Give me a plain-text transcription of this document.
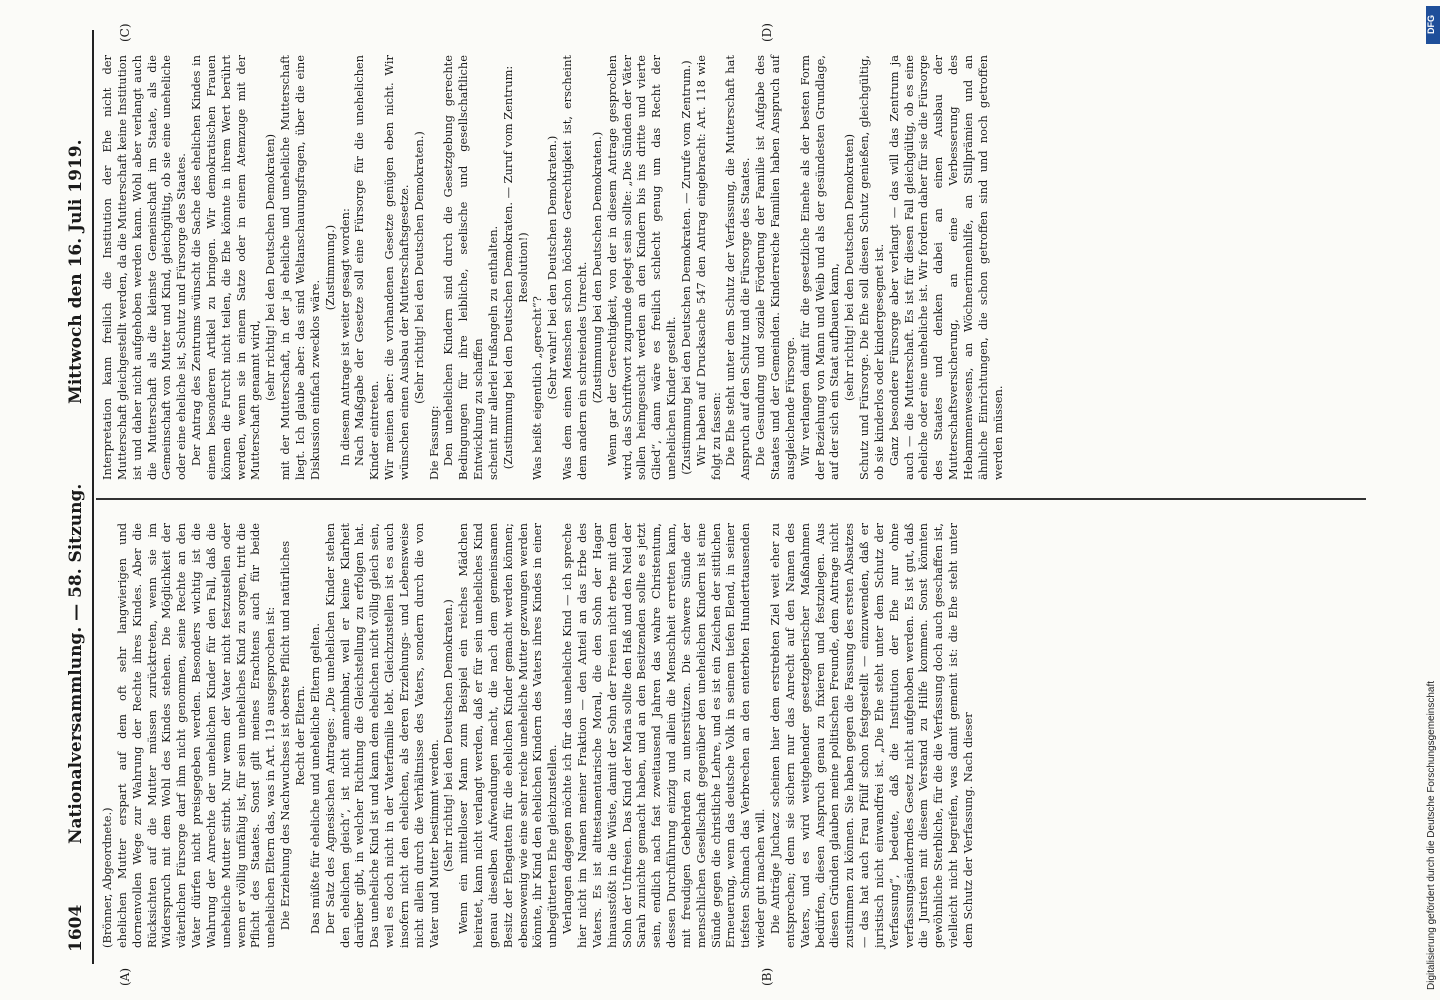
1604
Nationalversammlung. — 58. Sitzung.
Mittwoch den 16. Juli 1919.
(A)	(B)
(C)	(D)

(Brönner, Abgeordnete.) ehelichen Mutter erspart auf dem oft sehr langwierigen und dornenvollen Wege zur Wahrung der Rechte ihres Kindes. Aber die Rücksichten auf die Mutter müssen zurücktreten, wenn sie im Widerspruch mit dem Wohl des Kindes stehen. Die Möglichkeit der väterlichen Fürsorge darf ihm nicht genommen, seine Rechte an den Vater dürfen nicht preisgegeben werden. Besonders wichtig ist die Wahrung der Anrechte der unehelichen Kinder für den Fall, daß die uneheliche Mutter stirbt. Nur wenn der Vater nicht festzustellen oder wenn er völlig unfähig ist, für sein uneheliches Kind zu sorgen, tritt die Pflicht des Staates. Sonst gilt meines Erachtens auch für beide unehelichen Eltern das, was in Art. 119 ausgesprochen ist: Die Erziehung des Nachwuchses ist oberste Pflicht und natürliches Recht der Eltern. Das müßte für eheliche und uneheliche Eltern gelten. Der Satz des Agnesischen Antrages: „Die unehelichen Kinder stehen den ehelichen gleich“, ist nicht annehmbar, weil er keine Klarheit darüber gibt, in welcher Richtung die Gleichstellung zu erfolgen hat. Das uneheliche Kind ist und kann dem ehelichen nicht völlig gleich sein, weil es doch nicht in der Vaterfamilie lebt. Gleichzustellen ist es auch insofern nicht den ehelichen, als deren Erziehungs- und Lebensweise nicht allein durch die Verhältnisse des Vaters, sondern durch die von Vater und Mutter bestimmt werden. (Sehr richtig! bei den Deutschen Demokraten.) Wenn ein mittelloser Mann zum Beispiel ein reiches Mädchen heiratet, kann nicht verlangt werden, daß er für sein uneheliches Kind genau dieselben Aufwendungen macht, die nach dem gemeinsamen Besitz der Ehegatten für die ehelichen Kinder gemacht werden können; ebensowenig wie eine sehr reiche uneheliche Mutter gezwungen werden könnte, ihr Kind den ehelichen Kindern des Vaters ihres Kindes in einer unbegütterten Ehe gleichzustellen. Verlangen dagegen möchte ich für das uneheliche Kind — ich spreche hier nicht im Namen meiner Fraktion — den Anteil an das Erbe des Vaters. Es ist alttestamentarische Moral, die den Sohn der Hagar hinausstößt in die Wüste, damit der Sohn der Freien nicht erbe mit dem Sohn der Unfreien. Das Kind der Maria sollte den Haß und den Neid der Sarah zunichte gemacht haben, und an den Besitzenden sollte es jetzt sein, endlich nach fast zweitausend Jahren das wahre Christentum, dessen Durchführung einzig und allein die Menschheit erretten kann, mit freudigen Gebehrden zu unterstützen. Die schwere Sünde der menschlichen Gesellschaft gegenüber den unehelichen Kindern ist eine Sünde gegen die christliche Lehre, und es ist ein Zeichen der sittlichen Erneuerung, wenn das deutsche Volk in seinem tiefen Elend, in seiner tiefsten Schmach das Verbrechen an den enterbten Hunderttausenden wieder gut machen will. Die Anträge Juchacz scheinen hier dem erstrebten Ziel weit eher zu entsprechen; denn sie sichern nur das Anrecht auf den Namen des Vaters, und es wird weitgehender gesetzgeberischer Maßnahmen bedürfen, diesen Anspruch genau zu fixieren und festzulegen. Aus diesen Gründen glauben meine politischen Freunde, dem Antrage nicht zustimmen zu können. Sie haben gegen die Fassung des ersten Absatzes — das hat auch Frau Pfülf schon festgestellt — einzuwenden, daß er juristisch nicht einwandfrei ist. „Die Ehe steht unter dem Schutz der Verfassung“, bedeute, daß die Institution der Ehe nur ohne verfassungsänderndes Gesetz nicht aufgehoben werden. Es ist gut, daß die Juristen mit diesem Verstand zu Hilfe kommen. Sonst könnten gewöhnliche Sterbliche, für die die Verfassung doch auch geschaffen ist, vielleicht nicht begreifen, was damit gemeint ist: die Ehe steht unter dem Schutz der Verfassung. Nach dieser

Interpretation kann freilich die Institution der Ehe nicht der Mutterschaft gleichgestellt werden, da die Mutterschaft keine Institution ist und daher nicht aufgehoben werden kann. Wohl aber verlangt auch die Mutterschaft als die kleinste Gemeinschaft im Staate, als die Gemeinschaft von Mutter und Kind, gleichgültig, ob sie eine uneheliche oder eine eheliche ist, Schutz und Fürsorge des Staates. Der Antrag des Zentrums wünscht die Sache des ehelichen Kindes in einem besonderen Artikel zu bringen. Wir demokratischen Frauen können die Furcht nicht teilen, die Ehe könnte in ihrem Wert berührt werden, wenn sie in einem Satze oder in einem Atemzuge mit der Mutterschaft genannt wird, (sehr richtig! bei den Deutschen Demokraten) mit der Mutterschaft, in der ja eheliche und uneheliche Mutterschaft liegt. Ich glaube aber: das sind Weltanschauungsfragen, über die eine Diskussion einfach zwecklos wäre.

(Zustimmung.) In diesem Antrage ist weiter gesagt worden: Nach Maßgabe der Gesetze soll eine Fürsorge für die unehelichen Kinder eintreten. Wir meinen aber: die vorhandenen Gesetze genügen eben nicht. Wir wünschen einen Ausbau der Mutterschaftsgesetze. (Sehr richtig! bei den Deutschen Demokraten.)

Die Fassung: Den unehelichen Kindern sind durch die Gesetzgebung gerechte Bedingungen für ihre leibliche, seelische und gesellschaftliche Entwicklung zu schaffen scheint mir allerlei Fußangeln zu enthalten. (Zustimmung bei den Deutschen Demokraten. — Zuruf vom Zentrum: Resolution!)

Was heißt eigentlich „gerecht“? (Sehr wahr! bei den Deutschen Demokraten.) Was dem einen Menschen schon höchste Gerechtigkeit ist, erscheint dem andern ein schreiendes Unrecht. (Zustimmung bei den Deutschen Demokraten.) Wenn gar der Gerechtigkeit, von der in diesem Antrage gesprochen wird, das Schriftwort zugrunde gelegt sein sollte: „Die Sünden der Väter sollen heimgesucht werden an den Kindern bis ins dritte und vierte Glied“, dann wäre es freilich schlecht genug um das Recht der unehelichen Kinder gestellt. (Zustimmung bei den Deutschen Demokraten. — Zurufe vom Zentrum.) Wir haben auf Drucksache 547 den Antrag eingebracht: Art. 118 wie folgt zu fassen: Die Ehe steht unter dem Schutz der Verfassung, die Mutterschaft hat Anspruch auf den Schutz und die Fürsorge des Staates. Die Gesundung und soziale Förderung der Familie ist Aufgabe des Staates und der Gemeinden. Kinderreiche Familien haben Anspruch auf ausgleichende Fürsorge. Wir verlangen damit für die gesetzliche Einehe als der besten Form der Beziehung von Mann und Weib und als der gesündesten Grundlage, auf der sich ein Staat aufbauen kann, (sehr richtig! bei den Deutschen Demokraten) Schutz und Fürsorge. Die Ehe soll diesen Schutz genießen, gleichgültig, ob sie kinderlos oder kindergesegnet ist. Ganz besondere Fürsorge aber verlangt — das will das Zentrum ja auch — die Mutterschaft. Es ist für diesen Fall gleichgültig, ob es eine eheliche oder eine uneheliche ist. Wir fordern daher für sie die Fürsorge des Staates und denken dabei an einen Ausbau der Mutterschaftsversicherung, an eine Verbesserung des Hebammenwesens, an Wöchnerinnenhilfe, an Stillprämien und an ähnliche Einrichtungen, die schon getroffen sind und noch getroffen werden müssen.

DFG
Digitalisierung gefördert durch die Deutsche Forschungsgemeinschaft
